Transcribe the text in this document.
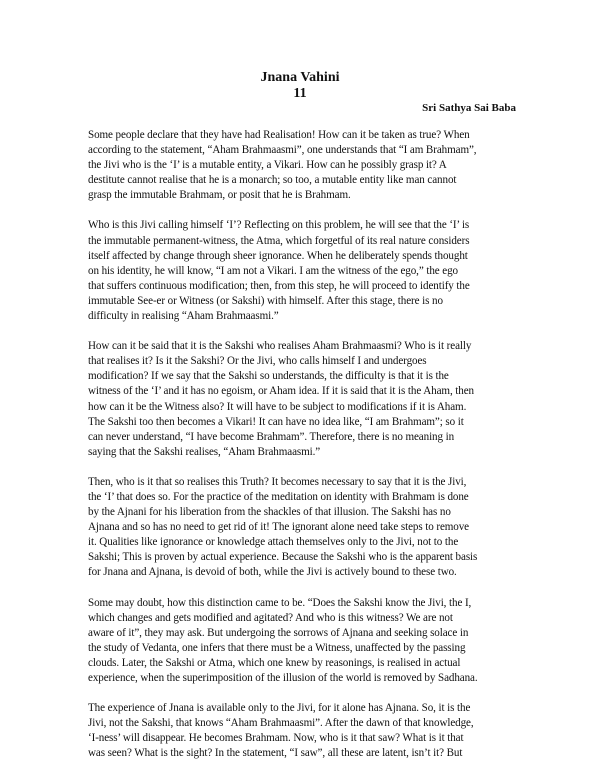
Jnana Vahini
11
Sri Sathya Sai Baba
Some people declare that they have had Realisation! How can it be taken as true? When
according to the statement, “Aham Brahmaasmi”, one understands that “I am Brahmam”,
the Jivi who is the ‘I’ is a mutable entity, a Vikari. How can he possibly grasp it? A
destitute cannot realise that he is a monarch; so too, a mutable entity like man cannot
grasp the immutable Brahmam, or posit that he is Brahmam.
Who is this Jivi calling himself ‘I’? Reflecting on this problem, he will see that the ‘I’ is
the immutable permanent-witness, the Atma, which forgetful of its real nature considers
itself affected by change through sheer ignorance. When he deliberately spends thought
on his identity, he will know, “I am not a Vikari. I am the witness of the ego,” the ego
that suffers continuous modification; then, from this step, he will proceed to identify the
immutable See-er or Witness (or Sakshi) with himself. After this stage, there is no
difficulty in realising “Aham Brahmaasmi.”
How can it be said that it is the Sakshi who realises Aham Brahmaasmi? Who is it really
that realises it? Is it the Sakshi? Or the Jivi, who calls himself I and undergoes
modification? If we say that the Sakshi so understands, the difficulty is that it is the
witness of the ‘I’ and it has no egoism, or Aham idea. If it is said that it is the Aham, then
how can it be the Witness also? It will have to be subject to modifications if it is Aham.
The Sakshi too then becomes a Vikari! It can have no idea like, “I am Brahmam”; so it
can never understand, “I have become Brahmam”. Therefore, there is no meaning in
saying that the Sakshi realises, “Aham Brahmaasmi.”
Then, who is it that so realises this Truth? It becomes necessary to say that it is the Jivi,
the ‘I’ that does so. For the practice of the meditation on identity with Brahmam is done
by the Ajnani for his liberation from the shackles of that illusion. The Sakshi has no
Ajnana and so has no need to get rid of it! The ignorant alone need take steps to remove
it. Qualities like ignorance or knowledge attach themselves only to the Jivi, not to the
Sakshi; This is proven by actual experience. Because the Sakshi who is the apparent basis
for Jnana and Ajnana, is devoid of both, while the Jivi is actively bound to these two.
Some may doubt, how this distinction came to be. “Does the Sakshi know the Jivi, the I,
which changes and gets modified and agitated? And who is this witness? We are not
aware of it”, they may ask. But undergoing the sorrows of Ajnana and seeking solace in
the study of Vedanta, one infers that there must be a Witness, unaffected by the passing
clouds. Later, the Sakshi or Atma, which one knew by reasonings, is realised in actual
experience, when the superimposition of the illusion of the world is removed by Sadhana.
The experience of Jnana is available only to the Jivi, for it alone has Ajnana. So, it is the
Jivi, not the Sakshi, that knows “Aham Brahmaasmi”. After the dawn of that knowledge,
‘I-ness’ will disappear. He becomes Brahmam. Now, who is it that saw? What is it that
was seen? What is the sight? In the statement, “I saw”, all these are latent, isn’t it? But
